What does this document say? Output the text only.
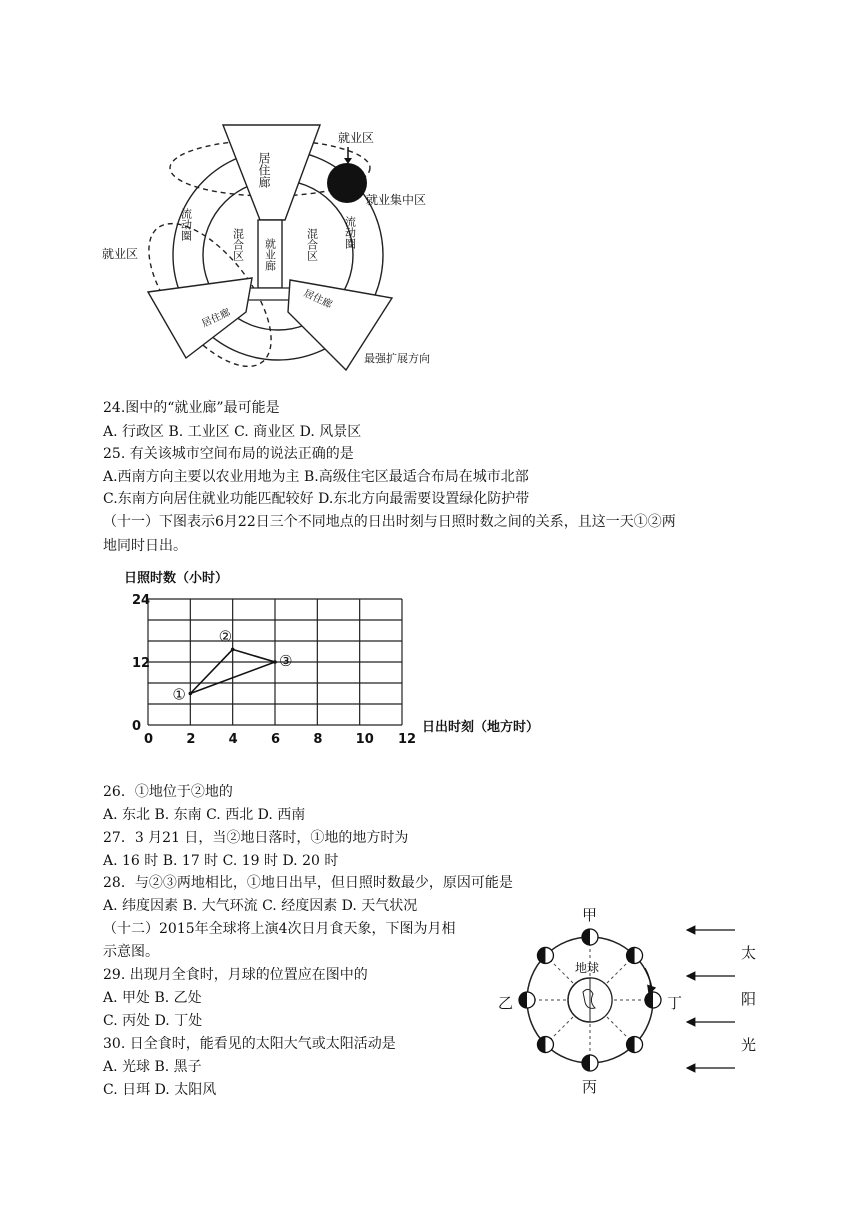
就业区
就业集中区
就业区
居住廊
就业廊
混合区	混合区
流动圈	流动圈
居住廊
居住廊
最强扩展方向
24.图中的“就业廊”最可能是
A. 行政区 B. 工业区 C. 商业区 D. 风景区
25. 有关该城市空间布局的说法正确的是
A.西南方向主要以农业用地为主 B.高级住宅区最适合布局在城市北部
C.东南方向居住就业功能匹配较好 D.东北方向最需要设置绿化防护带
（十一）下图表示6月22日三个不同地点的日出时刻与日照时数之间的关系，且这一天①②两
地同时日出。
日照时数（小时）
日出时刻（地方时）
0	2	4	6	8	10 12
0
12
24
①
②
③
26．①地位于②地的
A. 东北 B. 东南 C. 西北 D. 西南
27．3 月21 日，当②地日落时，①地的地方时为
A. 16 时 B. 17 时 C. 19 时 D. 20 时
28．与②③两地相比，①地日出早，但日照时数最少，原因可能是
A. 纬度因素 B. 大气环流 C. 经度因素 D. 天气状况
（十二）2015年全球将上演4次日月食天象，下图为月相
示意图。
29. 出现月全食时，月球的位置应在图中的
A. 甲处 B. 乙处
C. 丙处 D. 丁处
30. 日全食时，能看见的太阳大气或太阳活动是
A. 光球 B. 黑子
C. 日珥 D. 太阳风
地球
甲
乙
丙
丁
太
阳
光
